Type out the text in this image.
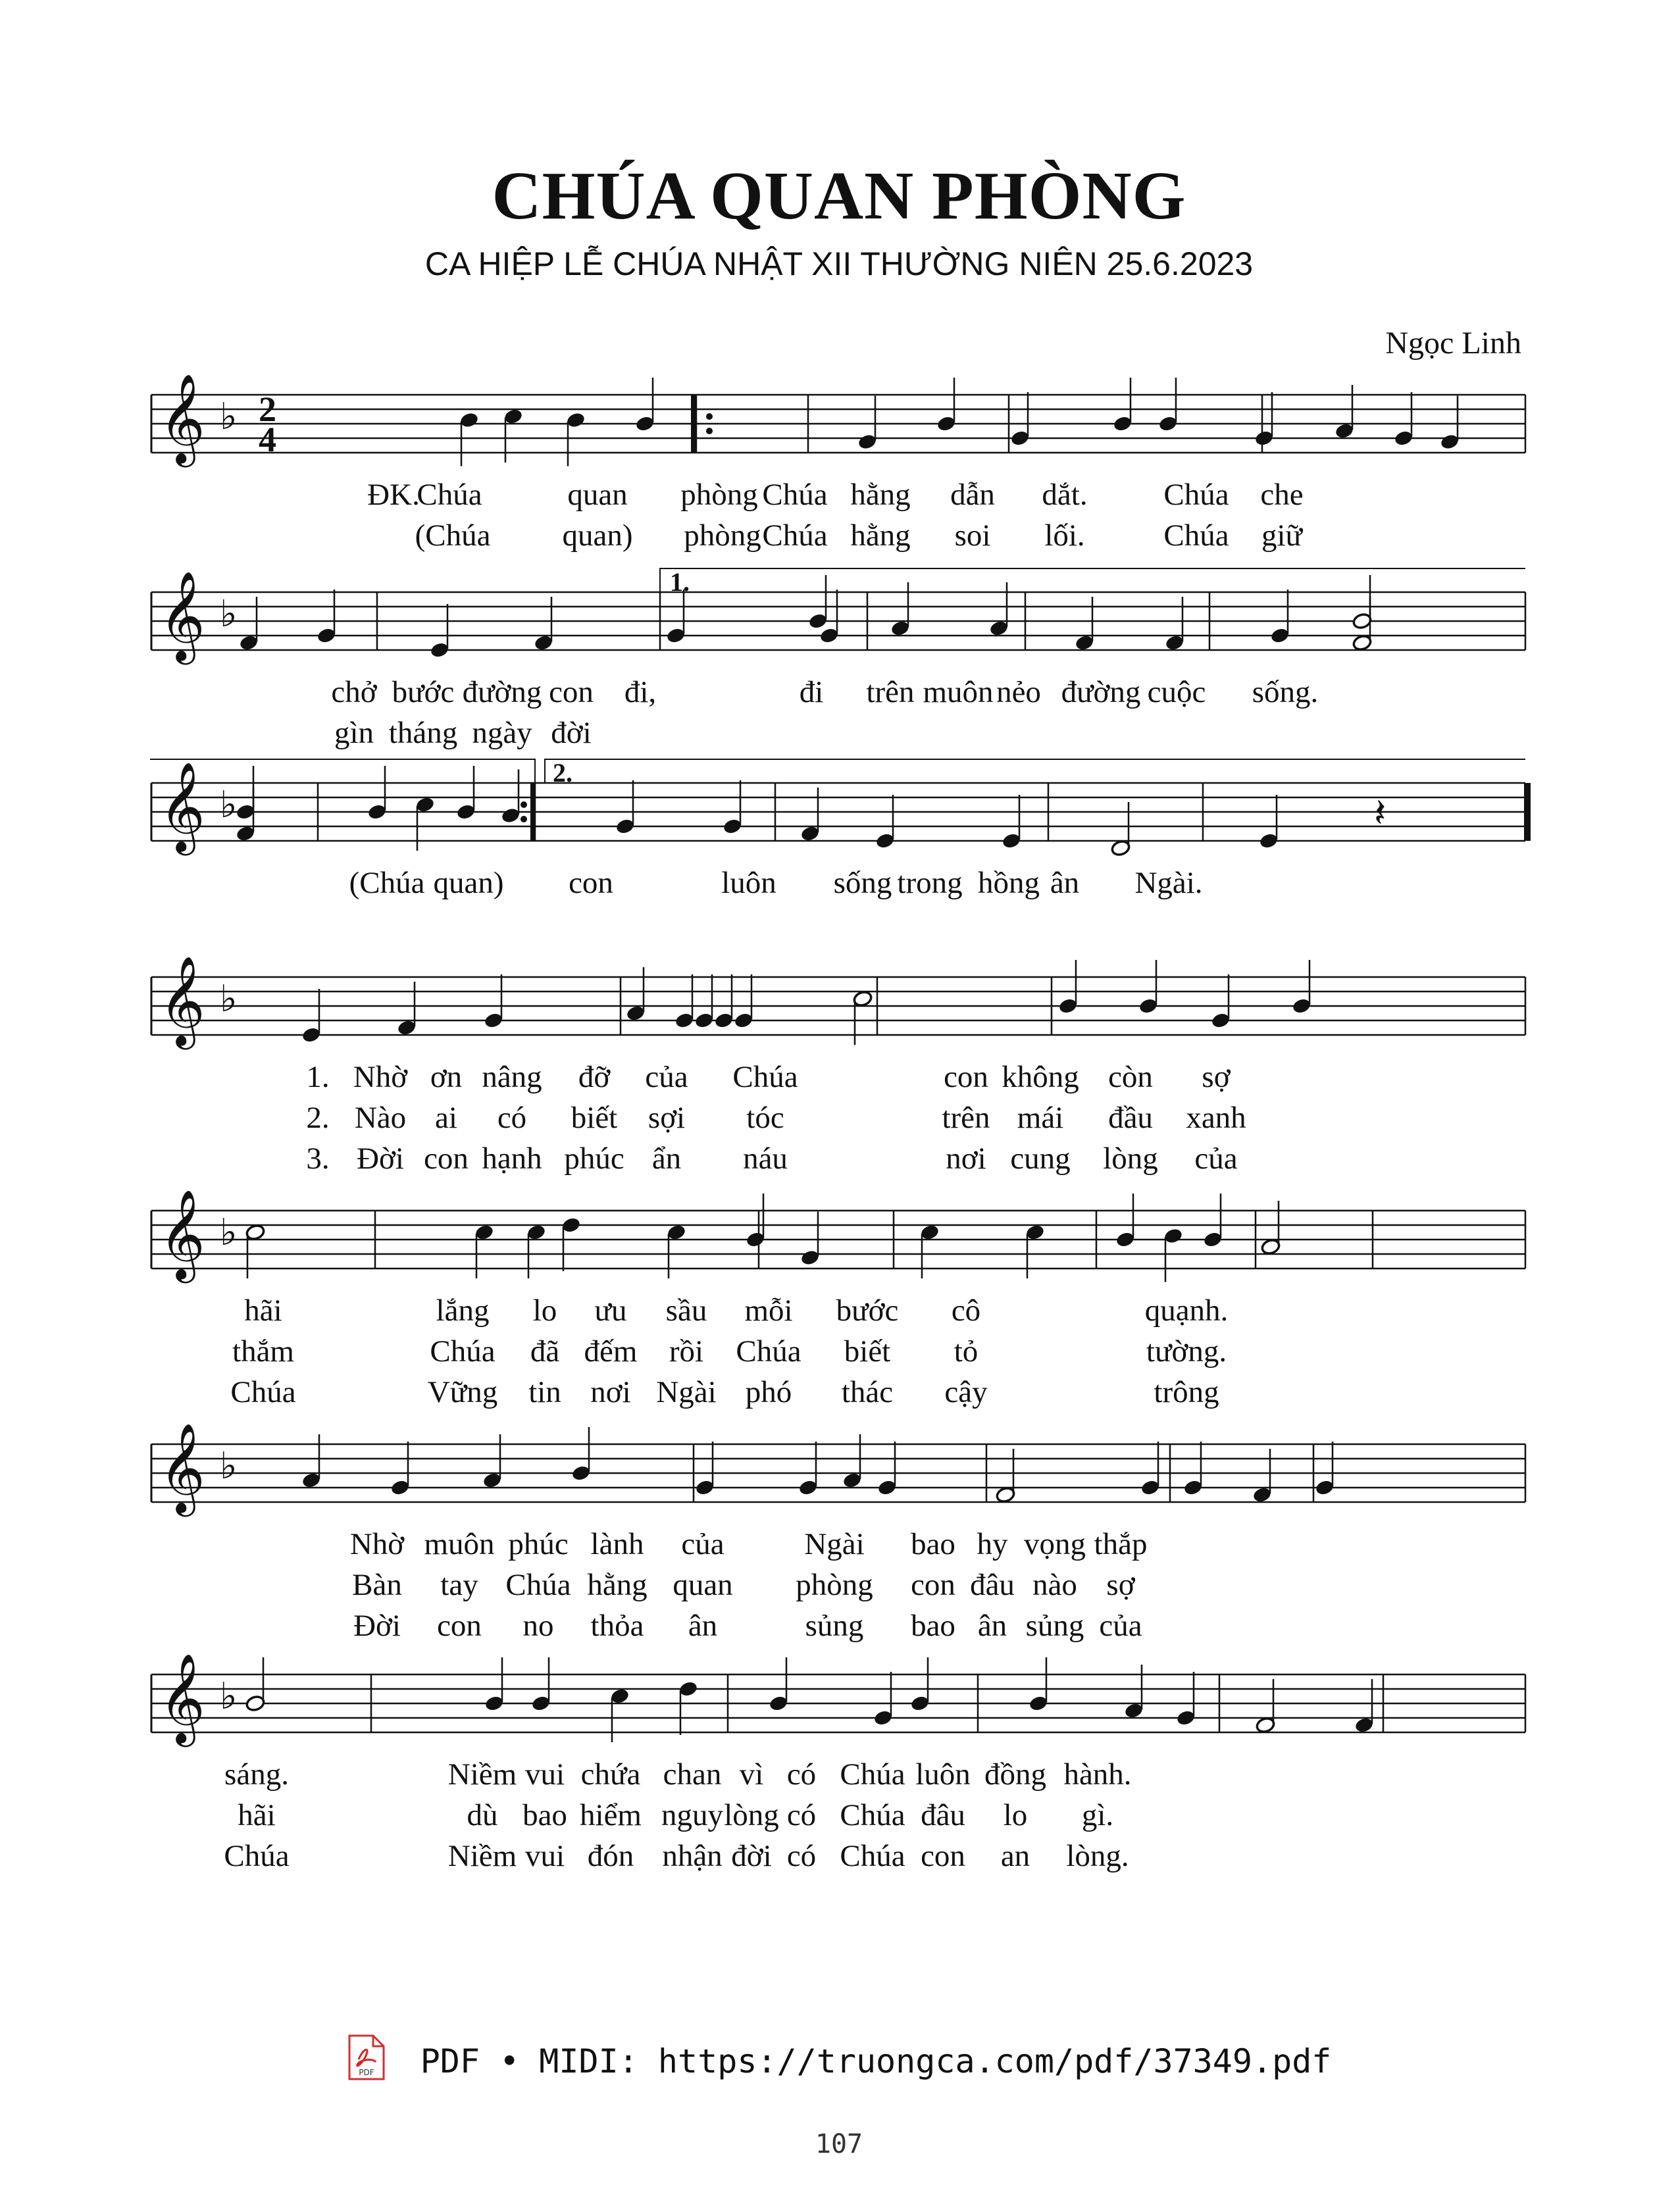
CHÚA QUAN PHÒNG
CA HIỆP LỄ CHÚA NHẬT XII THƯỜNG NIÊN 25.6.2023
Ngọc Linh
𝄞 ♭ 2
4
ĐK.
Chúa	quan phòng Chúa hằng dẫn dắt. Chúa che
(Chúa quan) phòng Chúa hằng soi lối.	Chúa giữ
𝄞 ♭
1.
chở bước đường con đi,	đi trên muôn nẻo đường cuộc sống.
gìn tháng ngày đời
𝄞 ♭
2.
𝄽
(Chúa quan) con	luôn sống trong hồng ân Ngài.
𝄞 ♭
1. Nhờ ơn nâng đỡ của Chúa	con không còn sợ
2. Nào ai có biết sợi tóc	trên mái đầu xanh
3. Đời con hạnh phúc ẩn náu	nơi cung lòng của
𝄞 ♭
hãi	lắng lo ưu sầu mỗi bước cô	quạnh.
thắm	Chúa đã đếm rồi Chúa biết tỏ	tường.
Chúa	Vững tin nơi Ngài phó thác cậy	trông
𝄞 ♭
Nhờ muôn phúc lành của	Ngài bao hy vọng thắp
Bàn tay Chúa hằng quan phòng con đâu nào sợ
Đời con no thỏa ân	sủng bao ân sủng của
𝄞 ♭
sáng.	Niềm vui chứa chan vì có Chúa luôn đồng hành.
hãi	dù bao hiểm nguy lòng có Chúa đâu lo gì.
Chúa	Niềm vui đón nhận đời có Chúa con an lòng.
PDF PDF • MIDI: https://truongca.com/pdf/37349.pdf
107
